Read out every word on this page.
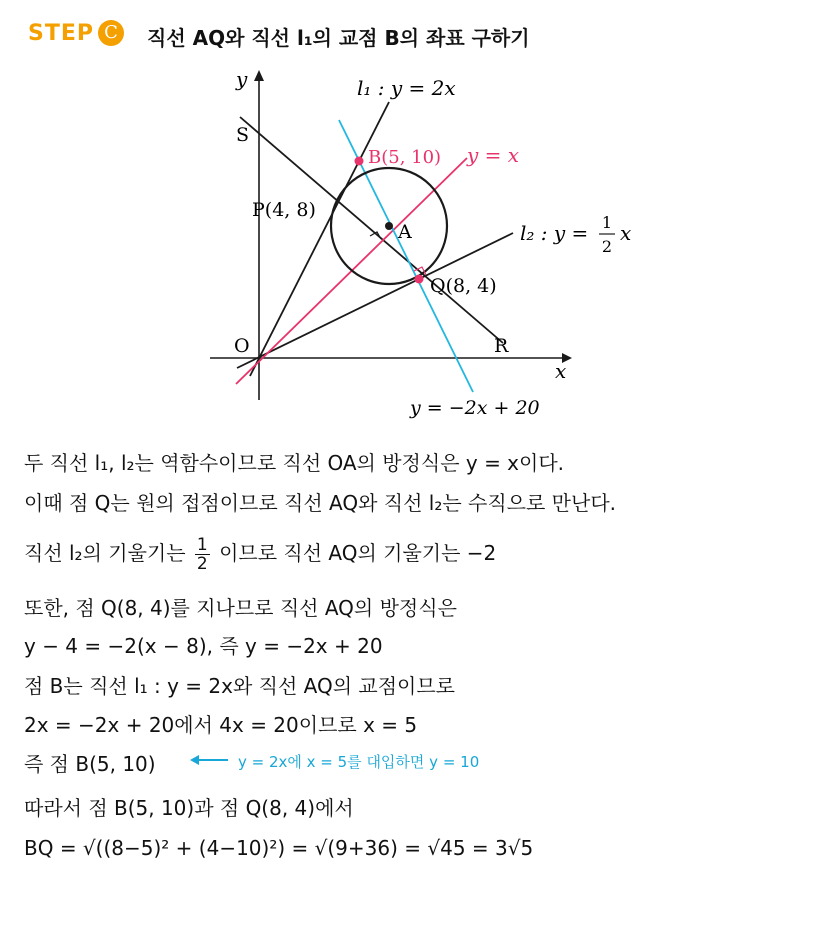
STEP C	직선 AQ와 직선 l₁의 교점 B의 좌표 구하기
y
x
O
S
R
A
P(4, 8)
B(5, 10)
Q(8, 4)
l₁ : y = 2x
y = x
l₂ : y = 1
2
x
y = −2x + 20
두 직선 l₁, l₂는 역함수이므로 직선 OA의 방정식은 y = x이다.
이때 점 Q는 원의 접점이므로 직선 AQ와 직선 l₂는 수직으로 만난다.
직선 l₂의 기울기는 $\frac{1}{2}$ 이므로 직선 AQ의 기울기는 −2
또한, 점 Q(8, 4)를 지나므로 직선 AQ의 방정식은
y − 4 = −2(x − 8), 즉 y = −2x + 20
점 B는 직선 l₁ : y = 2x와 직선 AQ의 교점이므로
2x = −2x + 20에서 4x = 20이므로 x = 5
즉 점 B(5, 10)	y = 2x에 x = 5를 대입하면 y = 10
따라서 점 B(5, 10)과 점 Q(8, 4)에서
BQ = √((8−5)² + (4−10)²) = √(9+36) = √45 = 3√5
